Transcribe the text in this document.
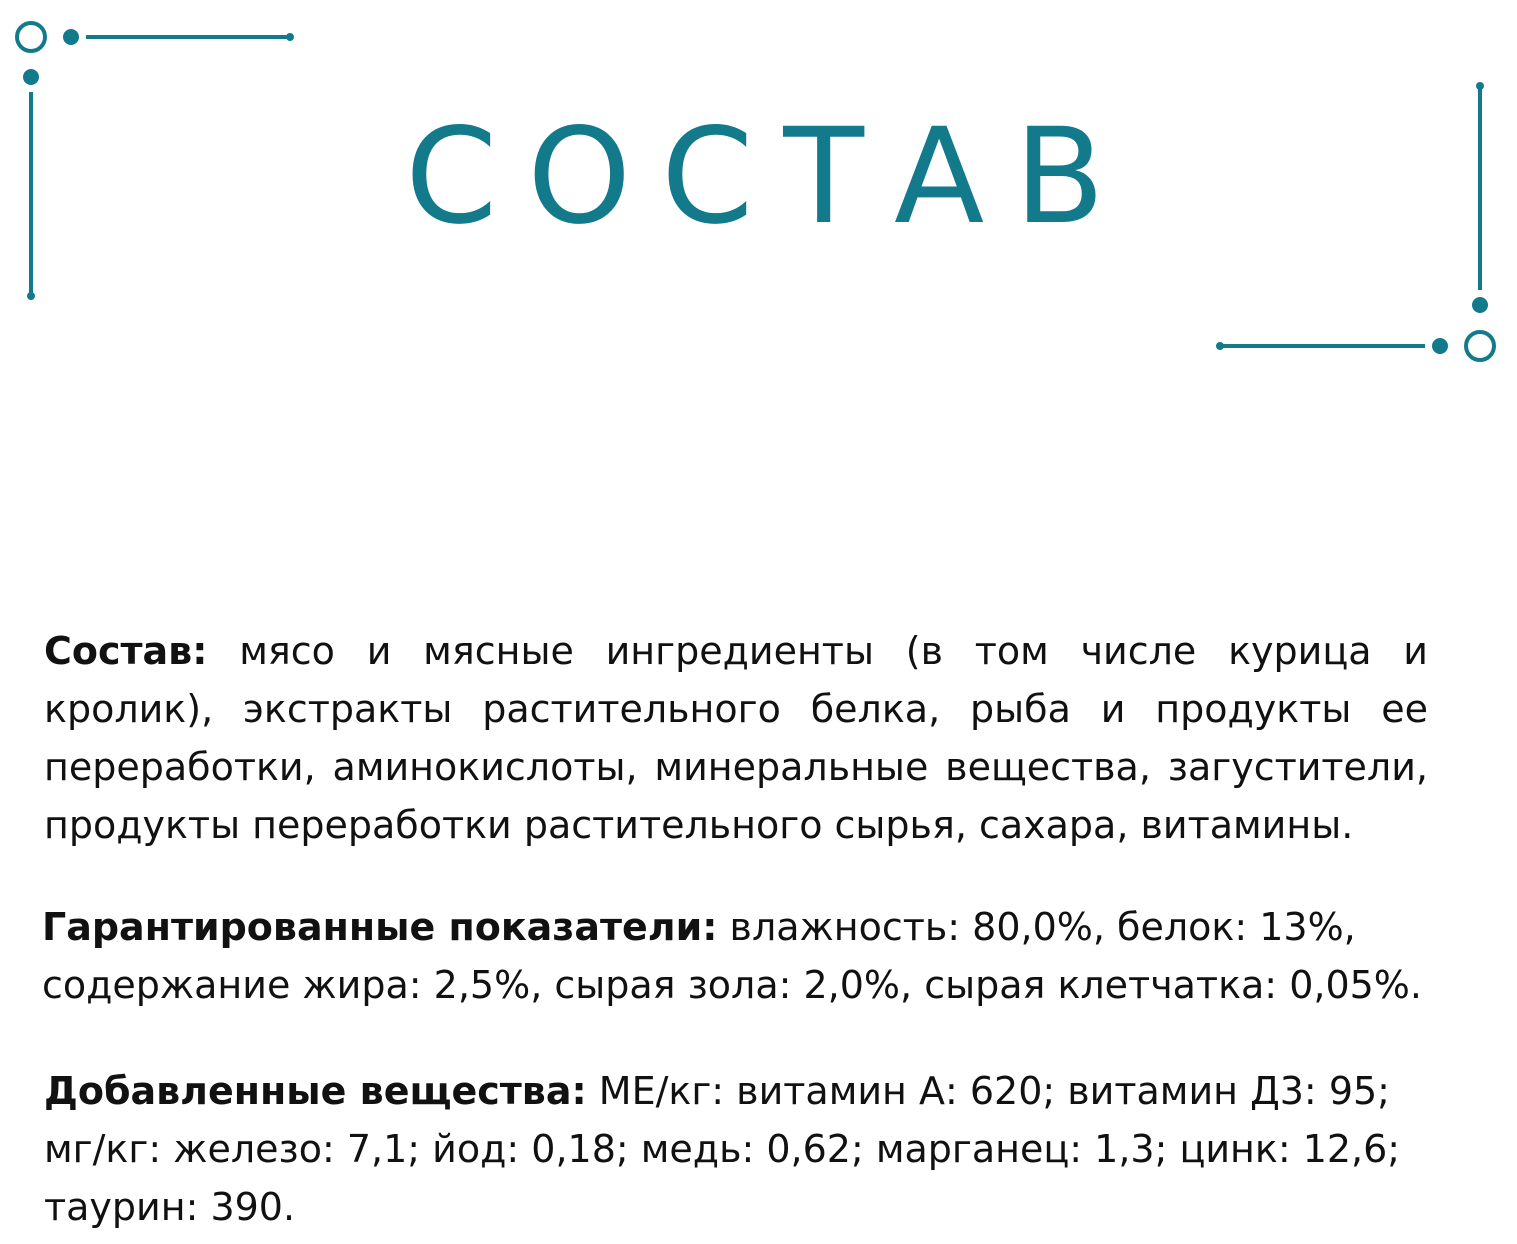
СОСТАВ
Состав: мясо и мясные ингредиенты (в том числе курица и кролик), экстракты растительного белка, рыба и продукты ее переработки, аминокислоты, минеральные вещества, загустители, продукты переработки растительного сырья, сахара, витамины.
Гарантированные показатели: влажность: 80,0%, белок: 13%,
содержание жира: 2,5%, сырая зола: 2,0%, сырая клетчатка: 0,05%.
Добавленные вещества: МЕ/кг: витамин А: 620; витамин Д3: 95;
мг/кг: железо: 7,1; йод: 0,18; медь: 0,62; марганец: 1,3; цинк: 12,6;
таурин: 390.
